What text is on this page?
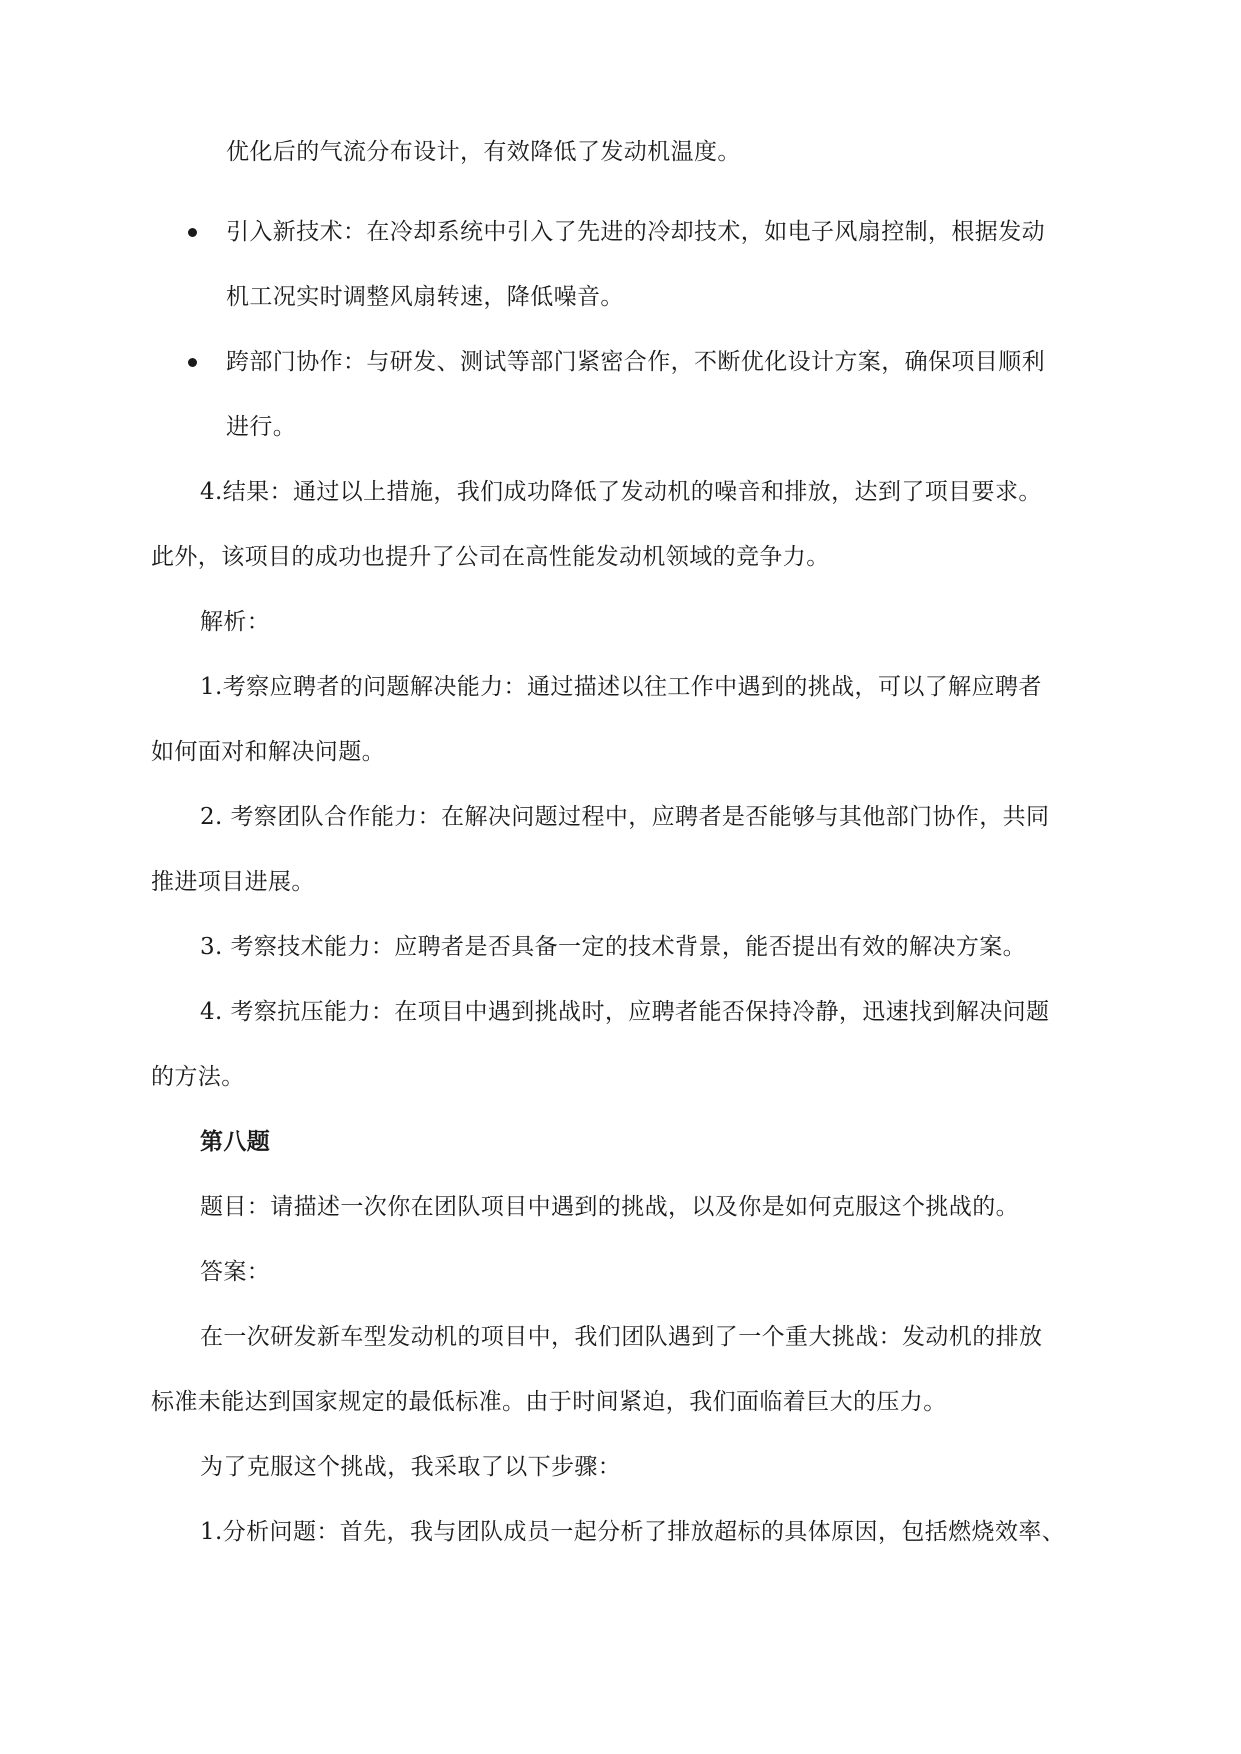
优化后的气流分布设计，有效降低了发动机温度。
引入新技术：在冷却系统中引入了先进的冷却技术，如电子风扇控制，根据发动
机工况实时调整风扇转速，降低噪音。
跨部门协作：与研发、测试等部门紧密合作，不断优化设计方案，确保项目顺利
进行。
4.结果：通过以上措施，我们成功降低了发动机的噪音和排放，达到了项目要求。
此外，该项目的成功也提升了公司在高性能发动机领域的竞争力。
解析：
1.考察应聘者的问题解决能力：通过描述以往工作中遇到的挑战，可以了解应聘者
如何面对和解决问题。
2. 考察团队合作能力：在解决问题过程中，应聘者是否能够与其他部门协作，共同
推进项目进展。
3. 考察技术能力：应聘者是否具备一定的技术背景，能否提出有效的解决方案。
4. 考察抗压能力：在项目中遇到挑战时，应聘者能否保持冷静，迅速找到解决问题
的方法。
第八题
题目：请描述一次你在团队项目中遇到的挑战，以及你是如何克服这个挑战的。
答案：
在一次研发新车型发动机的项目中，我们团队遇到了一个重大挑战：发动机的排放
标准未能达到国家规定的最低标准。由于时间紧迫，我们面临着巨大的压力。
为了克服这个挑战，我采取了以下步骤：
1.分析问题：首先，我与团队成员一起分析了排放超标的具体原因，包括燃烧效率、
